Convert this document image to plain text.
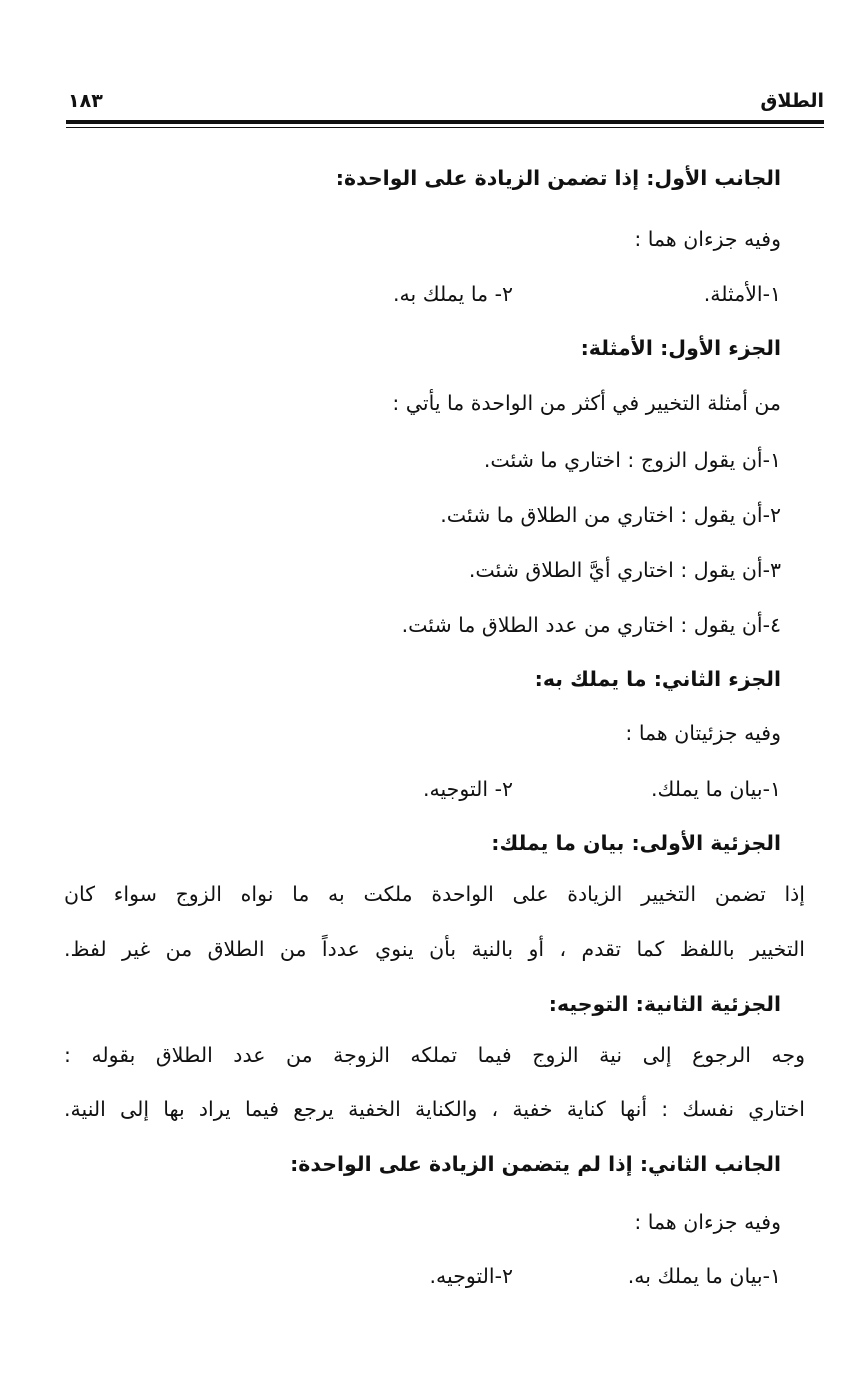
الطلاق
١٨٣
الجانب الأول: إذا تضمن الزيادة على الواحدة:
وفيه جزءان هما :
١-الأمثلة.
٢- ما يملك به.
الجزء الأول: الأمثلة:
من أمثلة التخيير في أكثر من الواحدة ما يأتي :
١-أن يقول الزوج : اختاري ما شئت.
٢-أن يقول : اختاري من الطلاق ما شئت.
٣-أن يقول : اختاري أيَّ الطلاق شئت.
٤-أن يقول : اختاري من عدد الطلاق ما شئت.
الجزء الثاني: ما يملك به:
وفيه جزئيتان هما :
١-بيان ما يملك.
٢- التوجيه.
الجزئية الأولى: بيان ما يملك:
إذا تضمن التخيير الزيادة على الواحدة ملكت به ما نواه الزوج سواء كان
التخيير باللفظ كما تقدم ، أو بالنية بأن ينوي عدداً من الطلاق من غير لفظ.
الجزئية الثانية: التوجيه:
وجه الرجوع إلى نية الزوج فيما تملكه الزوجة من عدد الطلاق بقوله :
اختاري نفسك : أنها كناية خفية ، والكناية الخفية يرجع فيما يراد بها إلى النية.
الجانب الثاني: إذا لم يتضمن الزيادة على الواحدة:
وفيه جزءان هما :
١-بيان ما يملك به.
٢-التوجيه.
